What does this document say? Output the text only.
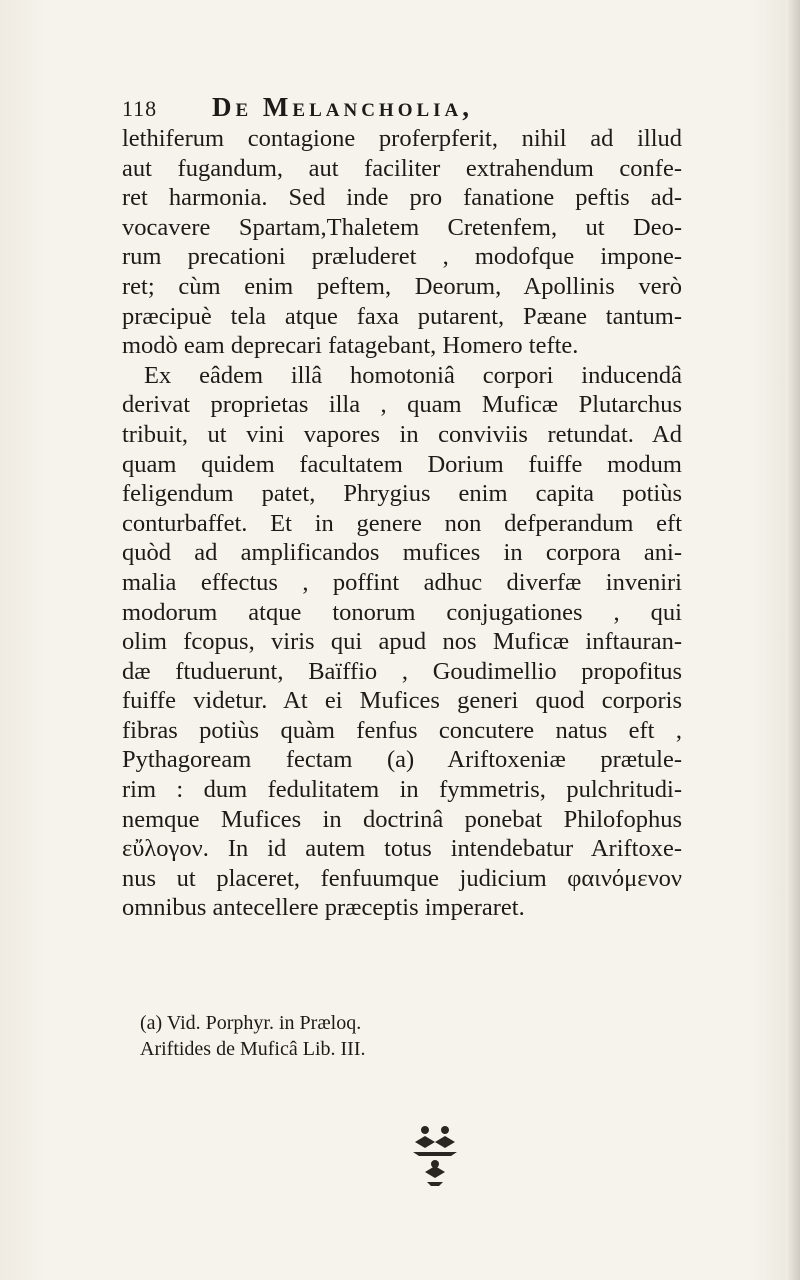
118 De Melancholia,
lethiferum contagione proferpferit, nihil ad illud
aut fugandum, aut faciliter extrahendum confe-
ret harmonia. Sed inde pro fanatione peftis ad-
vocavere Spartam,Thaletem Cretenfem, ut Deo-
rum precationi præluderet , modofque impone-
ret; cùm enim peftem, Deorum, Apollinis verò
præcipuè tela atque faxa putarent, Pæane tantum-
modò eam deprecari fatagebant, Homero tefte.
Ex eâdem illâ homotoniâ corpori inducendâ
derivat proprietas illa , quam Muficæ Plutarchus
tribuit, ut vini vapores in conviviis retundat. Ad
quam quidem facultatem Dorium fuiffe modum
feligendum patet, Phrygius enim capita potiùs
conturbaffet. Et in genere non defperandum eft
quòd ad amplificandos mufices in corpora ani-
malia effectus , poffint adhuc diverfæ inveniri
modorum atque tonorum conjugationes , qui
olim fcopus, viris qui apud nos Muficæ inftauran-
dæ ftuduerunt, Baïffio , Goudimellio propofitus
fuiffe videtur. At ei Mufices generi quod corporis
fibras potiùs quàm fenfus concutere natus eft ,
Pythagoream fectam (a) Ariftoxeniæ prætule-
rim : dum fedulitatem in fymmetris, pulchritudi-
nemque Mufices in doctrinâ ponebat Philofophus
εὔλογον. In id autem totus intendebatur Ariftoxe-
nus ut placeret, fenfuumque judicium φαινόμενον
omnibus antecellere præceptis imperaret.
(a) Vid. Porphyr. in Præloq.
Ariftides de Muficâ Lib. III.
